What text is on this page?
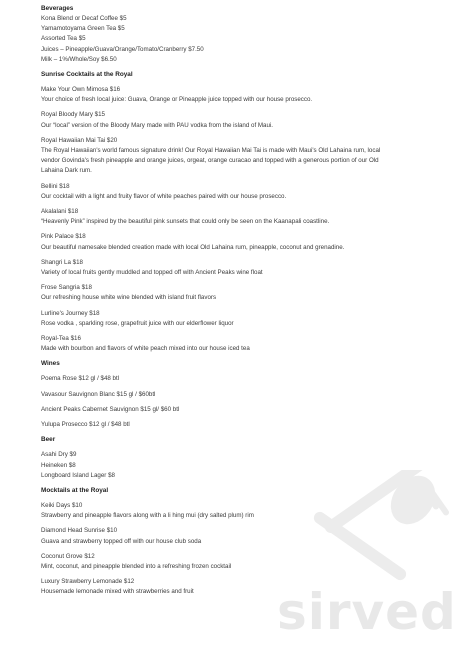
Beverages
Kona Blend or Decaf Coffee $5
Yamamotoyama Green Tea $5
Assorted Tea $5
Juices – Pineapple/Guava/Orange/Tomato/Cranberry $7.50
Milk – 1%/Whole/Soy $6.50
Sunrise Cocktails at the Royal
Make Your Own Mimosa $16
Your choice of fresh local juice: Guava, Orange or Pineapple juice topped with our house prosecco.
Royal Bloody Mary $15
Our “local” version of the Bloody Mary made with PAU vodka from the island of Maui.
Royal Hawaiian Mai Tai $20
The Royal Hawaiian's world famous signature drink! Our Royal Hawaiian Mai Tai is made with Maui's Old Lahaina rum, local vendor Govinda's fresh pineapple and orange juices, orgeat, orange curacao and topped with a generous portion of our Old Lahaina Dark rum.
Bellini $18
Our cocktail with a light and fruity flavor of white peaches paired with our house prosecco.
Akalalani $18
“Heavenly Pink” inspired by the beautiful pink sunsets that could only be seen on the Kaanapali coastline.
Pink Palace $18
Our beautiful namesake blended creation made with local Old Lahaina rum, pineapple, coconut and grenadine.
Shangri La $18
Variety of local fruits gently muddled and topped off with Ancient Peaks wine float
Frose Sangria $18
Our refreshing house white wine blended with island fruit flavors
Lurline's Journey $18
Rose vodka , sparkling rose, grapefruit juice with our elderflower liquor
Royal-Tea $16
Made with bourbon and flavors of white peach mixed into our house iced tea
Wines
Poema Rose $12 gl / $48 btl
Vavasour Sauvignon Blanc $15 gl / $60btl
Ancient Peaks Cabernet Sauvignon $15 gl/ $60 btl
Yulupa Prosecco $12 gl / $48 btl
Beer
Asahi Dry $9
Heineken $8
Longboard Island Lager $8
Mocktails at the Royal
Keiki Days $10
Strawberry and pineapple flavors along with a li hing mui (dry salted plum) rim
Diamond Head Sunrise $10
Guava and strawberry topped off with our house club soda
Coconut Grove $12
Mint, coconut, and pineapple blended into a refreshing frozen cocktail
Luxury Strawberry Lemonade $12
Housemade lemonade mixed with strawberries and fruit	sirved
